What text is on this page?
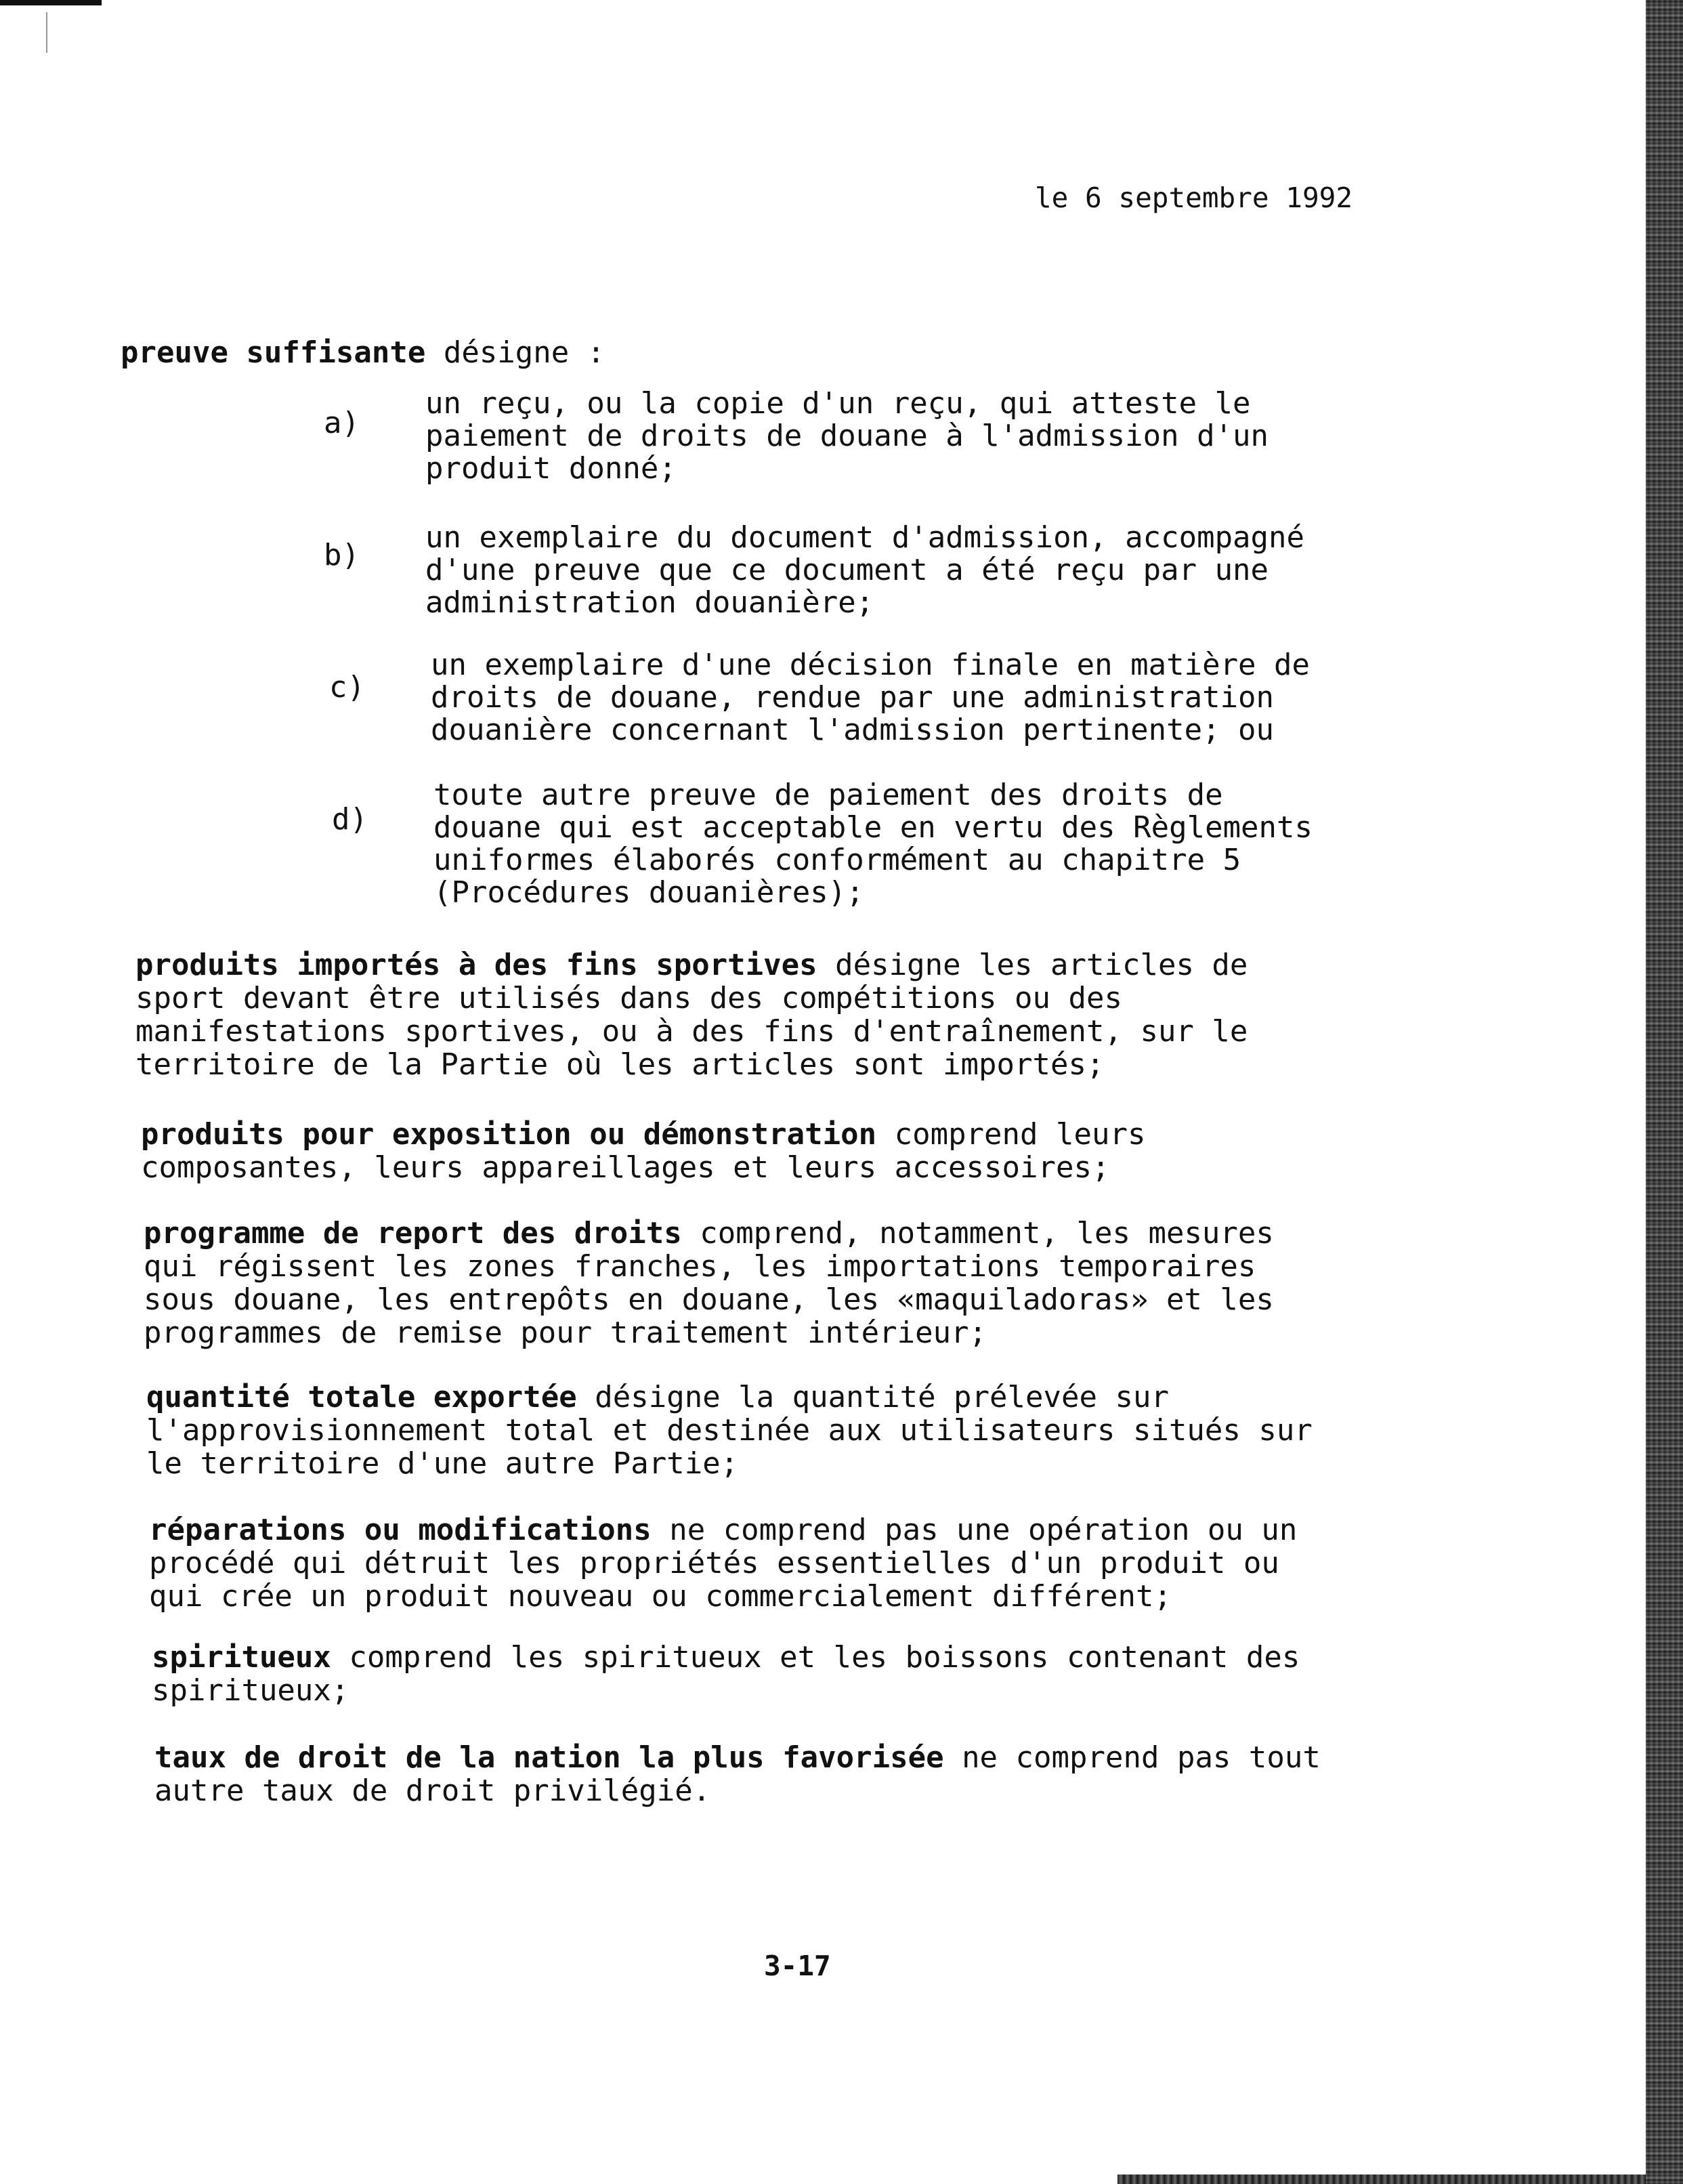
le 6 septembre 1992
preuve suffisante désigne :
a)
un reçu, ou la copie d'un reçu, qui atteste le
paiement de droits de douane à l'admission d'un
produit donné;
b)
un exemplaire du document d'admission, accompagné
d'une preuve que ce document a été reçu par une
administration douanière;
c)
un exemplaire d'une décision finale en matière de
droits de douane, rendue par une administration
douanière concernant l'admission pertinente; ou
d)
toute autre preuve de paiement des droits de
douane qui est acceptable en vertu des Règlements
uniformes élaborés conformément au chapitre 5
(Procédures douanières);
produits importés à des fins sportives désigne les articles de
sport devant être utilisés dans des compétitions ou des
manifestations sportives, ou à des fins d'entraînement, sur le
territoire de la Partie où les articles sont importés;
produits pour exposition ou démonstration comprend leurs
composantes, leurs appareillages et leurs accessoires;
programme de report des droits comprend, notamment, les mesures
qui régissent les zones franches, les importations temporaires
sous douane, les entrepôts en douane, les «maquiladoras» et les
programmes de remise pour traitement intérieur;
quantité totale exportée désigne la quantité prélevée sur
l'approvisionnement total et destinée aux utilisateurs situés sur
le territoire d'une autre Partie;
réparations ou modifications ne comprend pas une opération ou un
procédé qui détruit les propriétés essentielles d'un produit ou
qui crée un produit nouveau ou commercialement différent;
spiritueux comprend les spiritueux et les boissons contenant des
spiritueux;
taux de droit de la nation la plus favorisée ne comprend pas tout
autre taux de droit privilégié.
3-17
